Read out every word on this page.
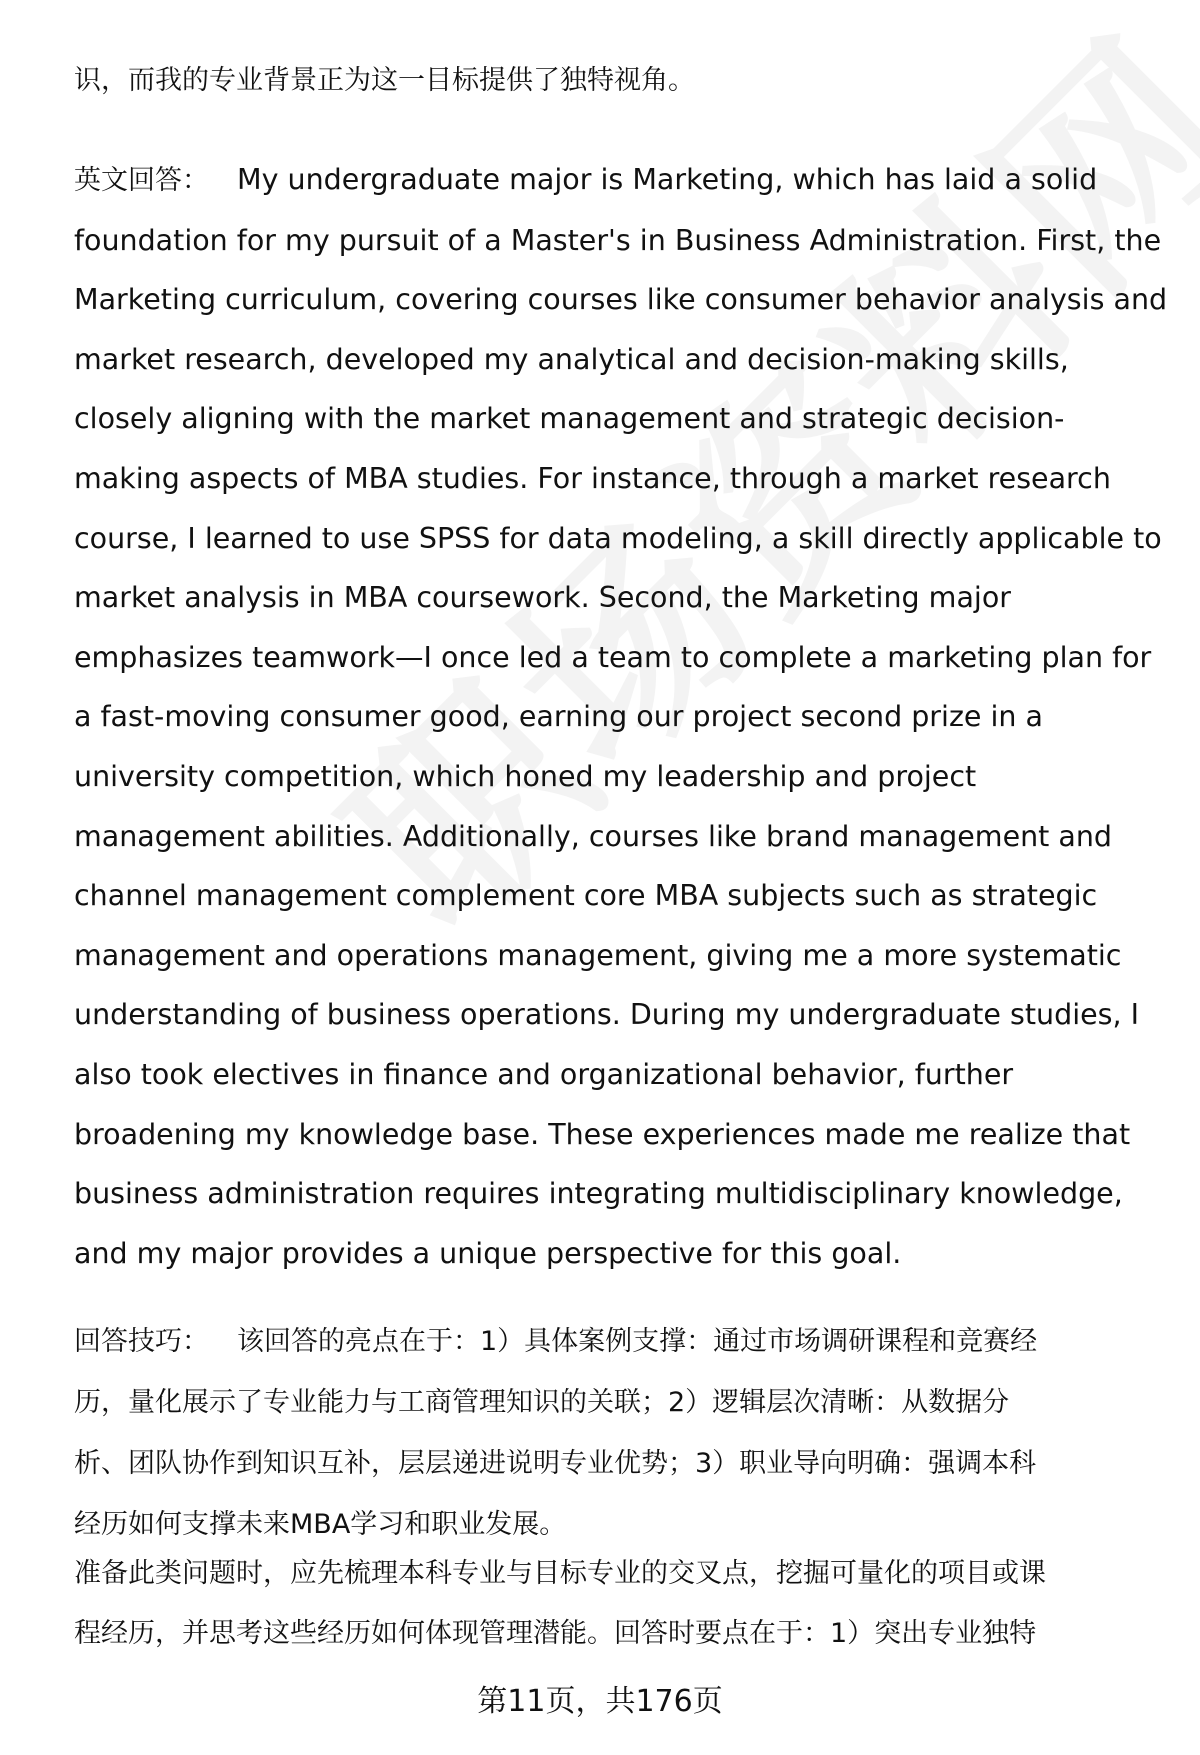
识，而我的专业背景正为这一目标提供了独特视角。
英文回答： My undergraduate major is Marketing, which has laid a solid
foundation for my pursuit of a Master's in Business Administration. First, the
Marketing curriculum, covering courses like consumer behavior analysis and
market research, developed my analytical and decision-making skills,
closely aligning with the market management and strategic decision-
making aspects of MBA studies. For instance, through a market research
course, I learned to use SPSS for data modeling, a skill directly applicable to
market analysis in MBA coursework. Second, the Marketing major
emphasizes teamwork—I once led a team to complete a marketing plan for
a fast-moving consumer good, earning our project second prize in a
university competition, which honed my leadership and project
management abilities. Additionally, courses like brand management and
channel management complement core MBA subjects such as strategic
management and operations management, giving me a more systematic
understanding of business operations. During my undergraduate studies, I
also took electives in finance and organizational behavior, further
broadening my knowledge base. These experiences made me realize that
business administration requires integrating multidisciplinary knowledge,
and my major provides a unique perspective for this goal.
回答技巧： 该回答的亮点在于：1）具体案例支撑：通过市场调研课程和竞赛经
历，量化展示了专业能力与工商管理知识的关联；2）逻辑层次清晰：从数据分
析、团队协作到知识互补，层层递进说明专业优势；3）职业导向明确：强调本科
经历如何支撑未来MBA学习和职业发展。
准备此类问题时，应先梳理本科专业与目标专业的交叉点，挖掘可量化的项目或课
程经历，并思考这些经历如何体现管理潜能。回答时要点在于：1）突出专业独特
第11页，共176页
